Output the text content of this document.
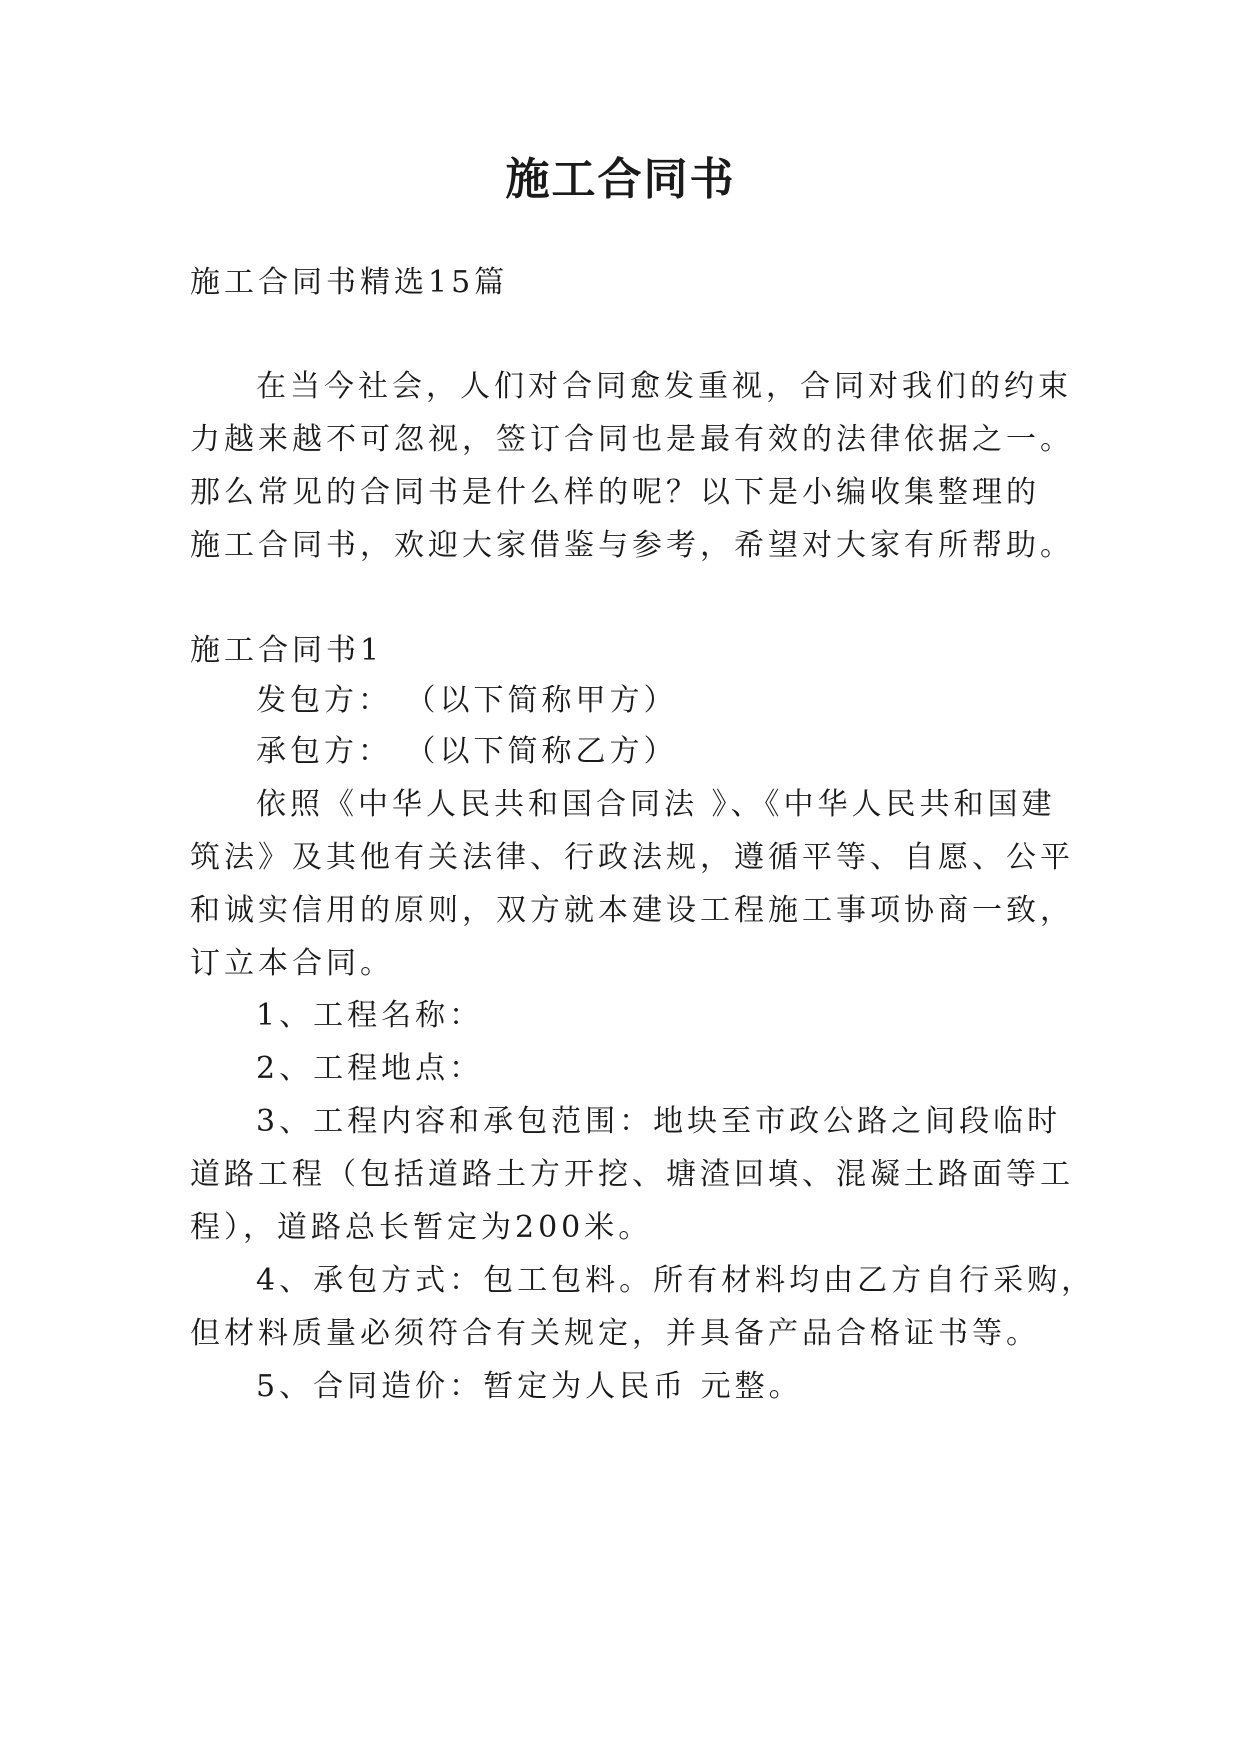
施工合同书
施工合同书精选15篇
在当今社会，人们对合同愈发重视，合同对我们的约束
力越来越不可忽视，签订合同也是最有效的法律依据之一。
那么常见的合同书是什么样的呢？以下是小编收集整理的
施工合同书，欢迎大家借鉴与参考，希望对大家有所帮助。
施工合同书1
发包方： （以下简称甲方）
承包方： （以下简称乙方）
依照《中华人民共和国合同法 》、《中华人民共和国建
筑法》及其他有关法律、行政法规，遵循平等、自愿、公平
和诚实信用的原则，双方就本建设工程施工事项协商一致，
订立本合同。
1、工程名称：
2、工程地点：
3、工程内容和承包范围：地块至市政公路之间段临时
道路工程（包括道路土方开挖、塘渣回填、混凝土路面等工
程），道路总长暂定为200米。
4、承包方式：包工包料。所有材料均由乙方自行采购，
但材料质量必须符合有关规定，并具备产品合格证书等。
5、合同造价：暂定为人民币 元整。
